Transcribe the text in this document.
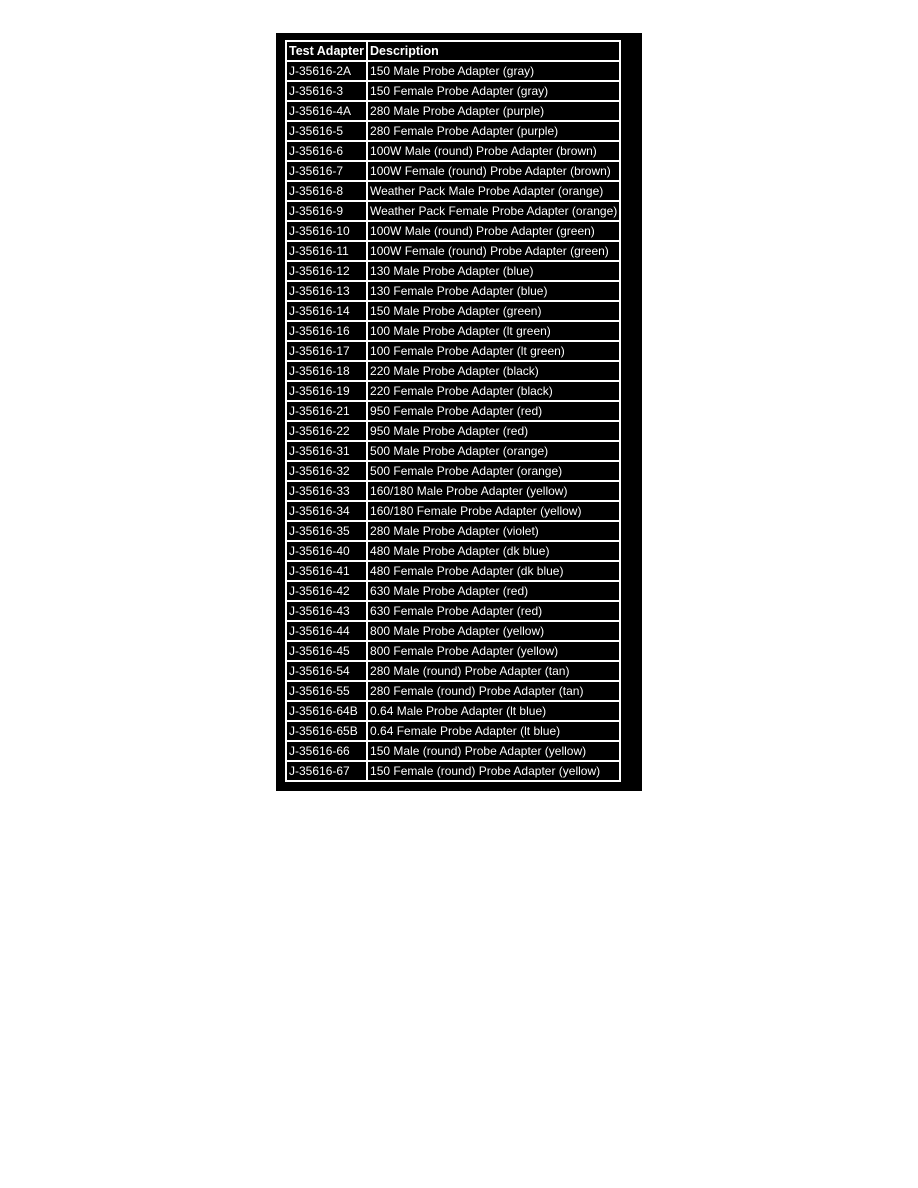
Test Adapter	Description
J-35616-2A	150 Male Probe Adapter (gray)
J-35616-3	150 Female Probe Adapter (gray)
J-35616-4A	280 Male Probe Adapter (purple)
J-35616-5	280 Female Probe Adapter (purple)
J-35616-6	100W Male (round) Probe Adapter (brown)
J-35616-7	100W Female (round) Probe Adapter (brown)
J-35616-8	Weather Pack Male Probe Adapter (orange)
J-35616-9	Weather Pack Female Probe Adapter (orange)
J-35616-10	100W Male (round) Probe Adapter (green)
J-35616-11	100W Female (round) Probe Adapter (green)
J-35616-12	130 Male Probe Adapter (blue)
J-35616-13	130 Female Probe Adapter (blue)
J-35616-14	150 Male Probe Adapter (green)
J-35616-16	100 Male Probe Adapter (lt green)
J-35616-17	100 Female Probe Adapter (lt green)
J-35616-18	220 Male Probe Adapter (black)
J-35616-19	220 Female Probe Adapter (black)
J-35616-21	950 Female Probe Adapter (red)
J-35616-22	950 Male Probe Adapter (red)
J-35616-31	500 Male Probe Adapter (orange)
J-35616-32	500 Female Probe Adapter (orange)
J-35616-33	160/180 Male Probe Adapter (yellow)
J-35616-34	160/180 Female Probe Adapter (yellow)
J-35616-35	280 Male Probe Adapter (violet)
J-35616-40	480 Male Probe Adapter (dk blue)
J-35616-41	480 Female Probe Adapter (dk blue)
J-35616-42	630 Male Probe Adapter (red)
J-35616-43	630 Female Probe Adapter (red)
J-35616-44	800 Male Probe Adapter (yellow)
J-35616-45	800 Female Probe Adapter (yellow)
J-35616-54	280 Male (round) Probe Adapter (tan)
J-35616-55	280 Female (round) Probe Adapter (tan)
J-35616-64B	0.64 Male Probe Adapter (lt blue)
J-35616-65B	0.64 Female Probe Adapter (lt blue)
J-35616-66	150 Male (round) Probe Adapter (yellow)
J-35616-67	150 Female (round) Probe Adapter (yellow)
